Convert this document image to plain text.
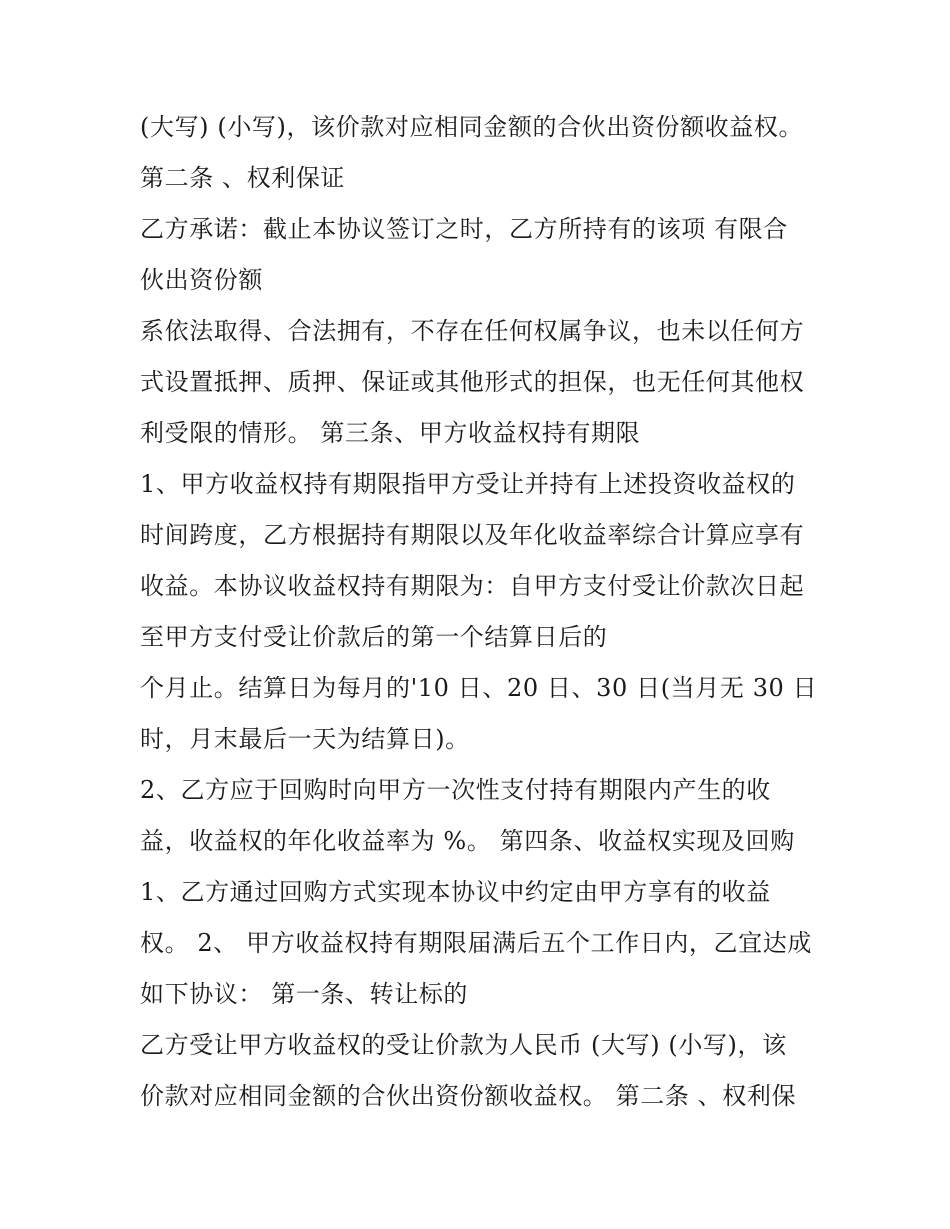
(大写) (小写)，该价款对应相同金额的合伙出资份额收益权。
第二条 、权利保证
乙方承诺：截止本协议签订之时，乙方所持有的该项 有限合
伙出资份额
系依法取得、合法拥有，不存在任何权属争议，也未以任何方
式设置抵押、质押、保证或其他形式的担保，也无任何其他权
利受限的情形。 第三条、甲方收益权持有期限
1、甲方收益权持有期限指甲方受让并持有上述投资收益权的
时间跨度，乙方根据持有期限以及年化收益率综合计算应享有
收益。本协议收益权持有期限为：自甲方支付受让价款次日起
至甲方支付受让价款后的第一个结算日后的
个月止。结算日为每月的'10 日、20 日、30 日(当月无 30 日
时，月末最后一天为结算日)。
2、乙方应于回购时向甲方一次性支付持有期限内产生的收
益，收益权的年化收益率为 %。 第四条、收益权实现及回购
1、乙方通过回购方式实现本协议中约定由甲方享有的收益
权。 2、 甲方收益权持有期限届满后五个工作日内，乙宜达成
如下协议： 第一条、转让标的
乙方受让甲方收益权的受让价款为人民币 (大写) (小写)，该
价款对应相同金额的合伙出资份额收益权。 第二条 、权利保
